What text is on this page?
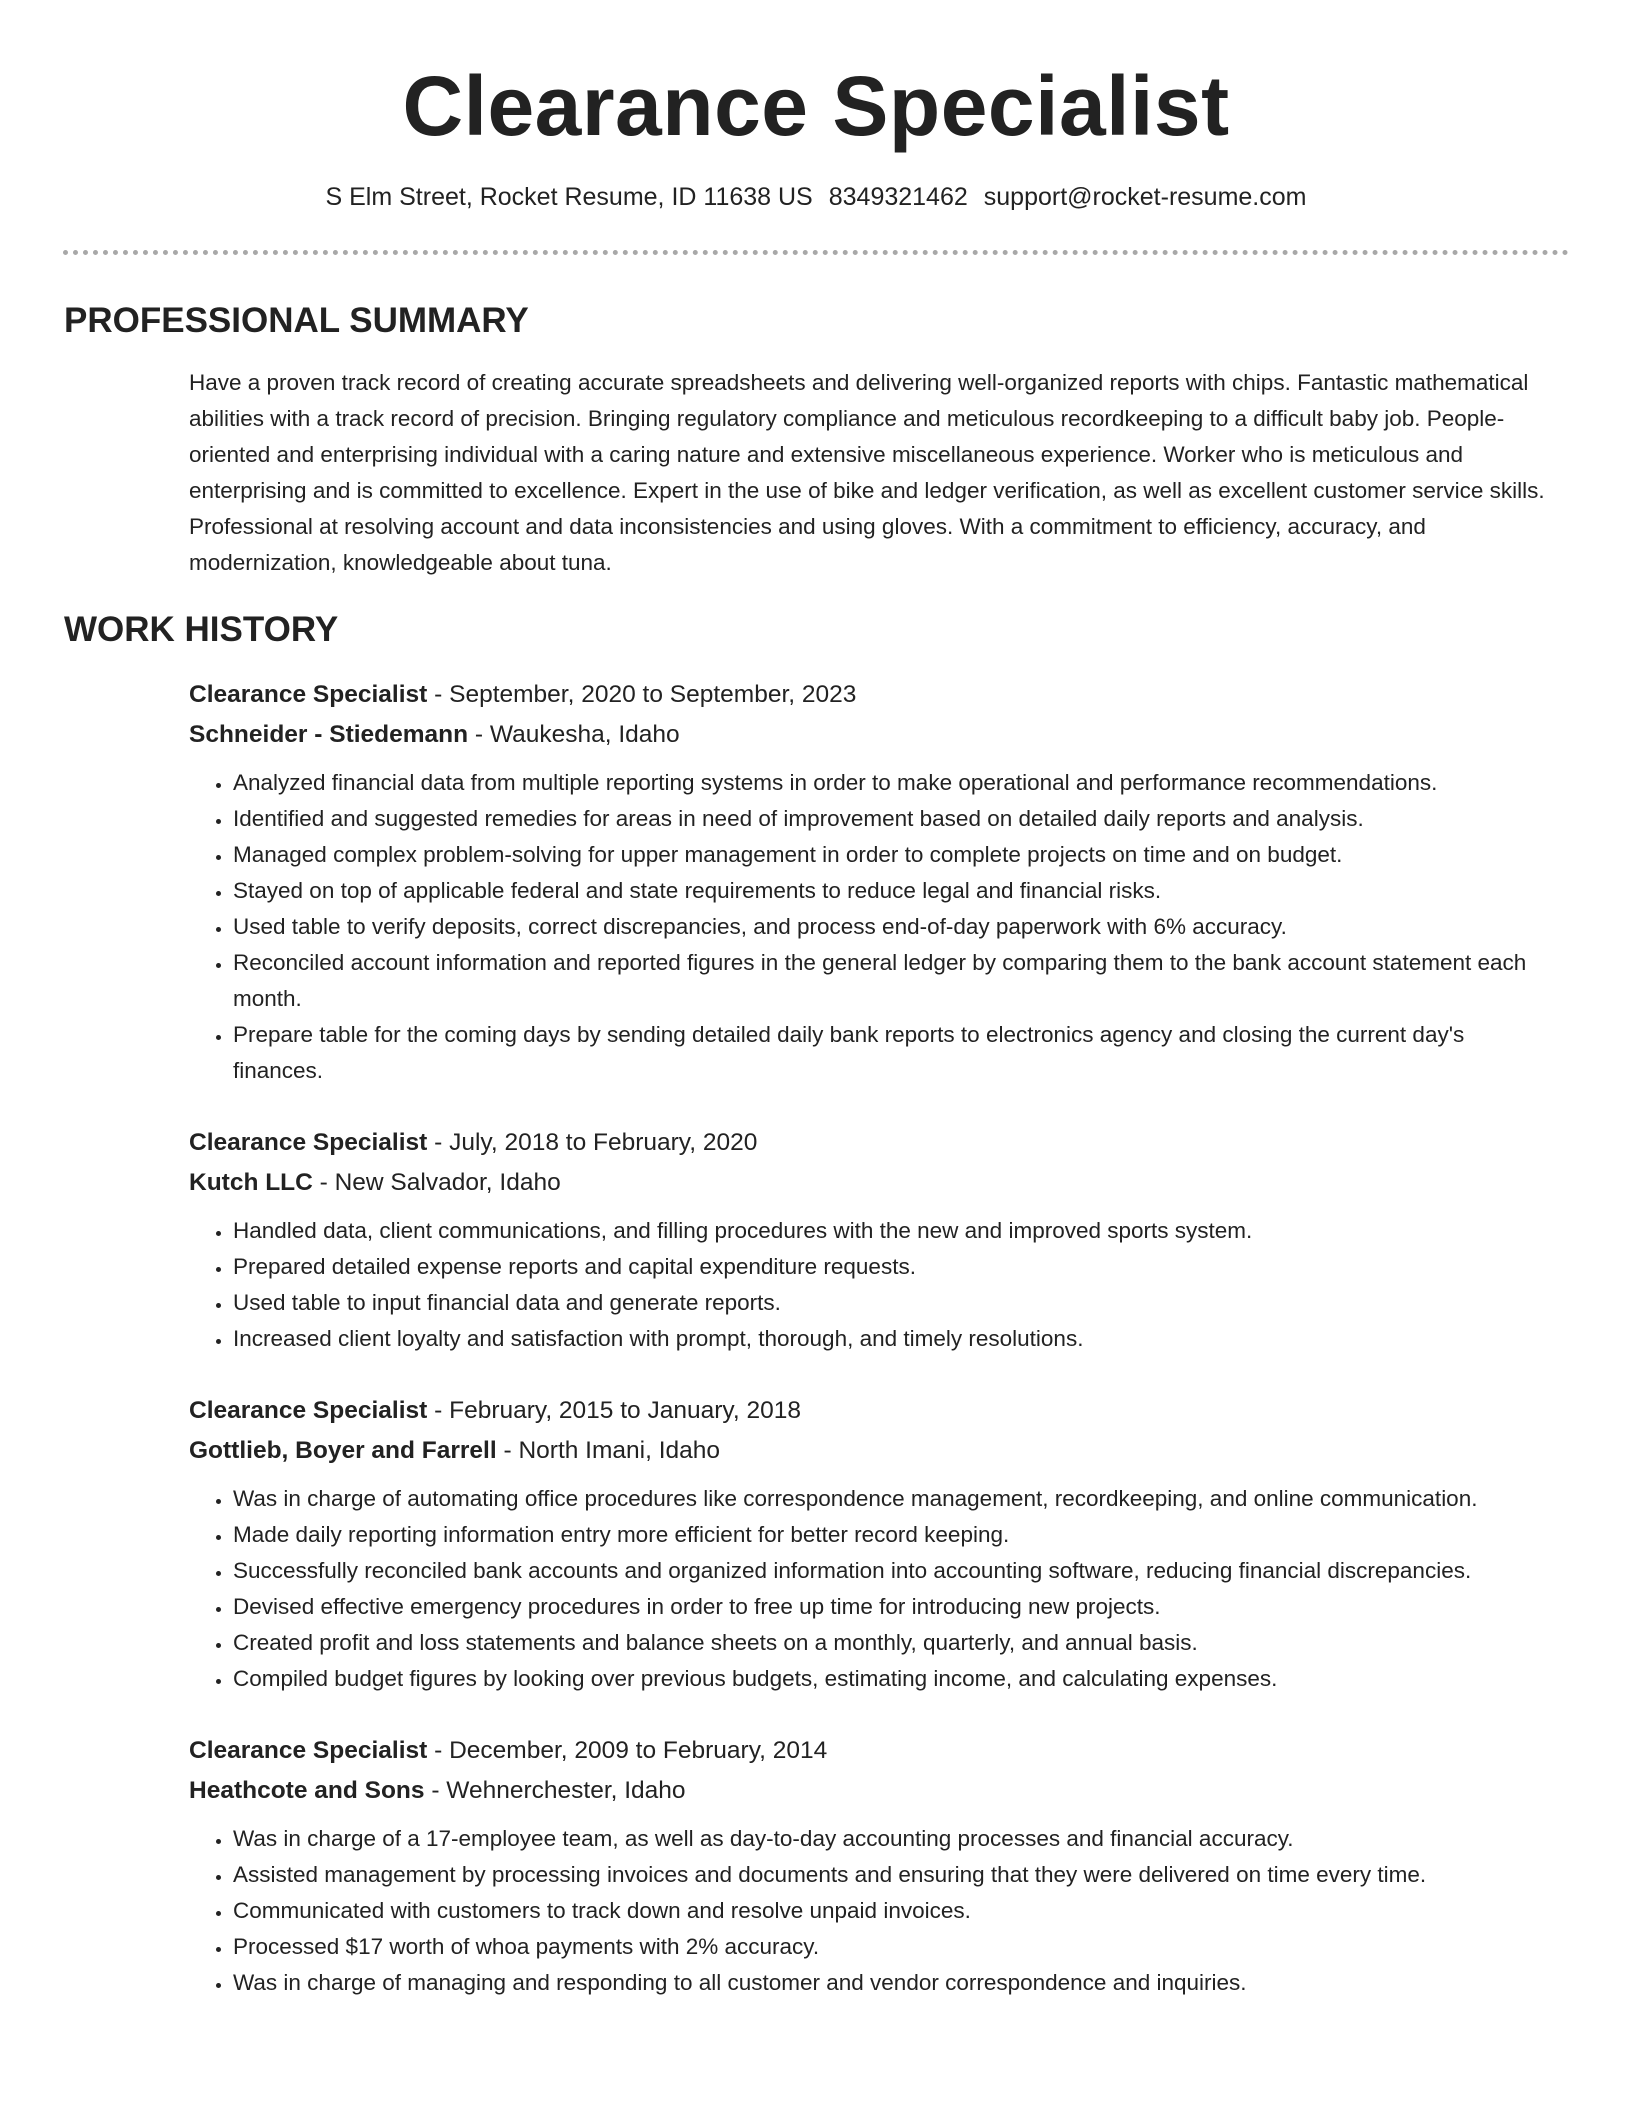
Clearance Specialist
S Elm Street, Rocket Resume, ID 11638 US 8349321462 support@rocket-resume.com
PROFESSIONAL SUMMARY

Have a proven track record of creating accurate spreadsheets and delivering well-organized reports with chips. Fantastic mathematical abilities with a track record of precision. Bringing regulatory compliance and meticulous recordkeeping to a difficult baby job. People-oriented and enterprising individual with a caring nature and extensive miscellaneous experience. Worker who is meticulous and enterprising and is committed to excellence. Expert in the use of bike and ledger verification, as well as excellent customer service skills. Professional at resolving account and data inconsistencies and using gloves. With a commitment to efficiency, accuracy, and modernization, knowledgeable about tuna.

WORK HISTORY
Clearance Specialist - September, 2020 to September, 2023
Schneider - Stiedemann - Waukesha, Idaho
• Analyzed financial data from multiple reporting systems in order to make operational and performance recommendations.
• Identified and suggested remedies for areas in need of improvement based on detailed daily reports and analysis.
• Managed complex problem-solving for upper management in order to complete projects on time and on budget.
• Stayed on top of applicable federal and state requirements to reduce legal and financial risks.
• Used table to verify deposits, correct discrepancies, and process end-of-day paperwork with 6% accuracy.
• Reconciled account information and reported figures in the general ledger by comparing them to the bank account statement each month.
• Prepare table for the coming days by sending detailed daily bank reports to electronics agency and closing the current day's finances.
Clearance Specialist - July, 2018 to February, 2020
Kutch LLC - New Salvador, Idaho
• Handled data, client communications, and filling procedures with the new and improved sports system.
• Prepared detailed expense reports and capital expenditure requests.
• Used table to input financial data and generate reports.
• Increased client loyalty and satisfaction with prompt, thorough, and timely resolutions.
Clearance Specialist - February, 2015 to January, 2018
Gottlieb, Boyer and Farrell - North Imani, Idaho
• Was in charge of automating office procedures like correspondence management, recordkeeping, and online communication.
• Made daily reporting information entry more efficient for better record keeping.
• Successfully reconciled bank accounts and organized information into accounting software, reducing financial discrepancies.
• Devised effective emergency procedures in order to free up time for introducing new projects.
• Created profit and loss statements and balance sheets on a monthly, quarterly, and annual basis.
• Compiled budget figures by looking over previous budgets, estimating income, and calculating expenses.
Clearance Specialist - December, 2009 to February, 2014
Heathcote and Sons - Wehnerchester, Idaho
• Was in charge of a 17-employee team, as well as day-to-day accounting processes and financial accuracy.
• Assisted management by processing invoices and documents and ensuring that they were delivered on time every time.
• Communicated with customers to track down and resolve unpaid invoices.
• Processed $17 worth of whoa payments with 2% accuracy.
• Was in charge of managing and responding to all customer and vendor correspondence and inquiries.
